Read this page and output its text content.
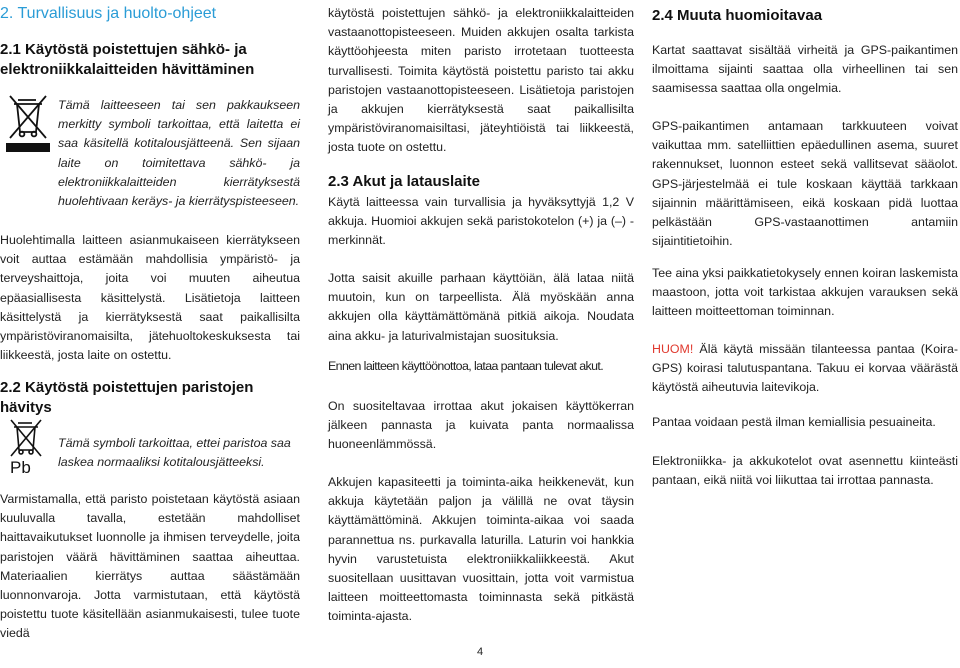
2. Turvallisuus ja huolto-ohjeet
2.1 Käytöstä poistettujen sähkö- ja elektroniikkalaitteiden hävittäminen

Tämä laitteeseen tai sen pakkaukseen merkitty symboli tarkoittaa, että laitetta ei saa käsitellä kotitalousjätteenä. Sen sijaan laite on toimitettava sähkö- ja elektroniikkalaitteiden kierrätyksestä huolehtivaan keräys- ja kierrätyspisteeseen.

Huolehtimalla laitteen asianmukaiseen kierrätykseen voit auttaa estämään mahdollisia ympäristö- ja terveyshaittoja, joita voi muuten aiheutua epäasiallisesta käsittelystä. Lisätietoja laitteen käsittelystä ja kierrätyksestä saat paikallisilta ympäristöviranomaisilta, jätehuoltokeskuksesta tai liikkeestä, josta laite on ostettu.

2.2 Käytöstä poistettujen paristojen hävitys
Pb

Tämä symboli tarkoittaa, ettei paristoa saa laskea normaaliksi kotitalousjätteeksi.

Varmistamalla, että paristo poistetaan käytöstä asiaan kuuluvalla tavalla, estetään mahdolliset haittavaikutukset luonnolle ja ihmisen terveydelle, joita paristojen väärä hävittäminen saattaa aiheuttaa. Materiaalien kierrätys auttaa säästämään luonnonvaroja. Jotta varmistutaan, että käytöstä poistettu tuote käsitellään asianmukaisesti, tulee tuote viedä

käytöstä poistettujen sähkö- ja elektroniikkalaitteiden vastaanottopisteeseen. Muiden akkujen osalta tarkista käyttöohjeesta miten paristo irrotetaan tuotteesta turvallisesti. Toimita käytöstä poistettu paristo tai akku paristojen vastaanottopisteeseen. Lisätietoja paristojen ja akkujen kierrätyksestä saat paikallisilta ympäristöviranomaisiltasi, jäteyhtiöistä tai liikkeestä, josta tuote on ostettu.

2.3 Akut ja latauslaite

Käytä laitteessa vain turvallisia ja hyväksyttyjä 1,2 V akkuja. Huomioi akkujen sekä paristokotelon (+) ja (–) -merkinnät.

Jotta saisit akuille parhaan käyttöiän, älä lataa niitä muutoin, kun on tarpeellista. Älä myöskään anna akkujen olla käyttämättömänä pitkiä aikoja. Noudata aina akku- ja laturivalmistajan suosituksia.

Ennen laitteen käyttöönottoa, lataa pantaan tulevat akut.

On suositeltavaa irrottaa akut jokaisen käyttökerran jälkeen pannasta ja kuivata panta normaalissa huoneenlämmössä.

Akkujen kapasiteetti ja toiminta-aika heikkenevät, kun akkuja käytetään paljon ja välillä ne ovat täysin käyttämättöminä. Akkujen toiminta-aikaa voi saada parannettua ns. purkavalla laturilla. Laturin voi hankkia hyvin varustetuista elektroniikkaliikkeestä. Akut suositellaan uusittavan vuosittain, jotta voit varmistua laitteen moitteettomasta toiminnasta sekä pitkästä toiminta-ajasta.

2.4 Muuta huomioitavaa

Kartat saattavat sisältää virheitä ja GPS-paikantimen ilmoittama sijainti saattaa olla virheellinen tai sen saamisessa saattaa olla ongelmia.

GPS-paikantimen antamaan tarkkuuteen voivat vaikuttaa mm. satelliittien epäedullinen asema, suuret rakennukset, luonnon esteet sekä vallitsevat sääolot. GPS-järjestelmää ei tule koskaan käyttää tarkkaan sijainnin määrittämiseen, eikä koskaan pidä luottaa pelkästään GPS-vastaanottimen antamiin sijaintitietoihin.

Tee aina yksi paikkatietokysely ennen koiran laskemista maastoon, jotta voit tarkistaa akkujen varauksen sekä laitteen moitteettoman toiminnan.

HUOM! Älä käytä missään tilanteessa pantaa (Koira-GPS) koirasi talutuspantana. Takuu ei korvaa väärästä käytöstä aiheutuvia laitevikoja.

Pantaa voidaan pestä ilman kemiallisia pesuaineita.

Elektroniikka- ja akkukotelot ovat asennettu kiinteästi pantaan, eikä niitä voi liikuttaa tai irrottaa pannasta.

4
